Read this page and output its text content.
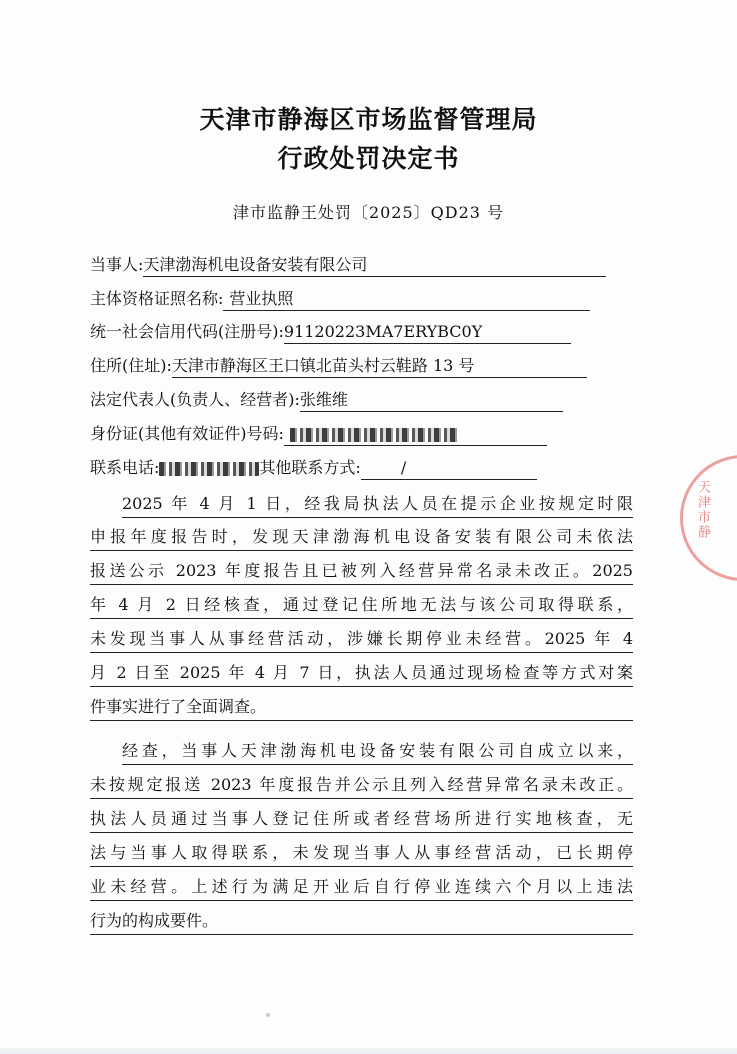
天津市静海区市场监督管理局
行政处罚决定书
津市监静王处罚〔2025〕QD23 号
当事人:天津渤海机电设备安装有限公司
主体资格证照名称: 营业执照
统一社会信用代码(注册号):91120223MA7ERYBC0Y
住所(住址):天津市静海区王口镇北苗头村云鞋路 13 号
法定代表人(负责人、经营者):张维维
身份证(其他有效证件)号码:
联系电话:	其他联系方式:	/
2025 年 4 月 1 日，经我局执法人员在提示企业按规定时限
申报年度报告时，发现天津渤海机电设备安装有限公司未依法
报送公示 2023 年度报告且已被列入经营异常名录未改正。2025
年 4 月 2 日经核查，通过登记住所地无法与该公司取得联系，
未发现当事人从事经营活动，涉嫌长期停业未经营。2025 年 4
月 2 日至 2025 年 4 月 7 日，执法人员通过现场检查等方式对案
件事实进行了全面调查。
经查，当事人天津渤海机电设备安装有限公司自成立以来，
未按规定报送 2023 年度报告并公示且列入经营异常名录未改正。
执法人员通过当事人登记住所或者经营场所进行实地核查，无
法与当事人取得联系，未发现当事人从事经营活动，已长期停
业未经营。上述行为满足开业后自行停业连续六个月以上违法
行为的构成要件。
天津市静
